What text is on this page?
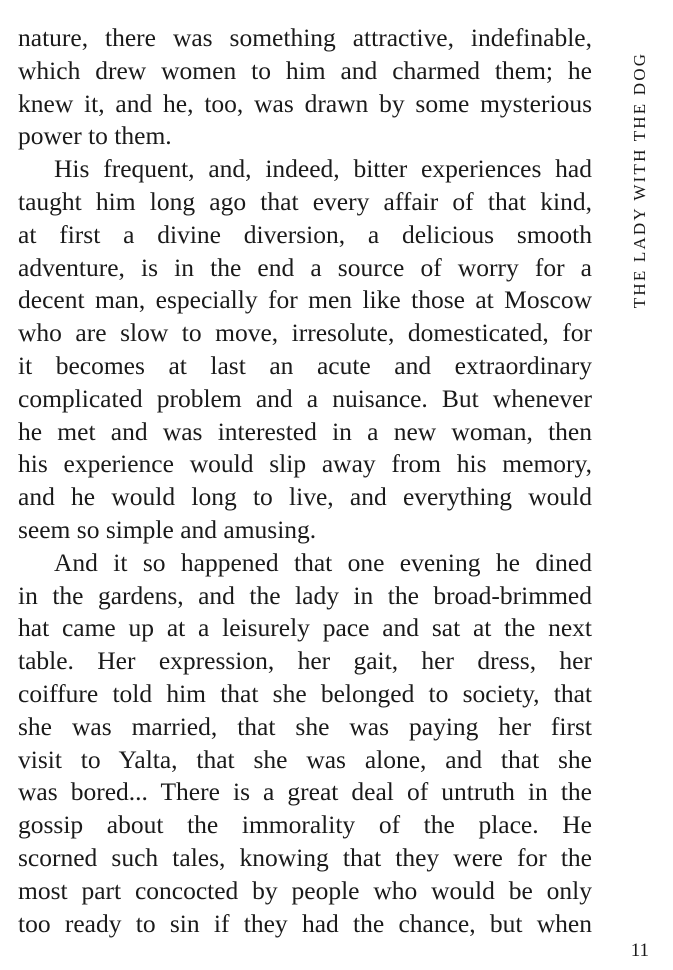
nature, there was something attractive, indefinable,
which drew women to him and charmed them; he
knew it, and he, too, was drawn by some mysterious
power to them.
His frequent, and, indeed, bitter experiences had
taught him long ago that every affair of that kind,
at first a divine diversion, a delicious smooth
adventure, is in the end a source of worry for a
decent man, especially for men like those at Moscow
who are slow to move, irresolute, domesticated, for
it becomes at last an acute and extraordinary
complicated problem and a nuisance. But whenever
he met and was interested in a new woman, then
his experience would slip away from his memory,
and he would long to live, and everything would
seem so simple and amusing.
And it so happened that one evening he dined
in the gardens, and the lady in the broad-brimmed
hat came up at a leisurely pace and sat at the next
table. Her expression, her gait, her dress, her
coiffure told him that she belonged to society, that
she was married, that she was paying her first
visit to Yalta, that she was alone, and that she
was bored... There is a great deal of untruth in the
gossip about the immorality of the place. He
scorned such tales, knowing that they were for the
most part concocted by people who would be only
too ready to sin if they had the chance, but when
THE LADY WITH THE DOG
11
